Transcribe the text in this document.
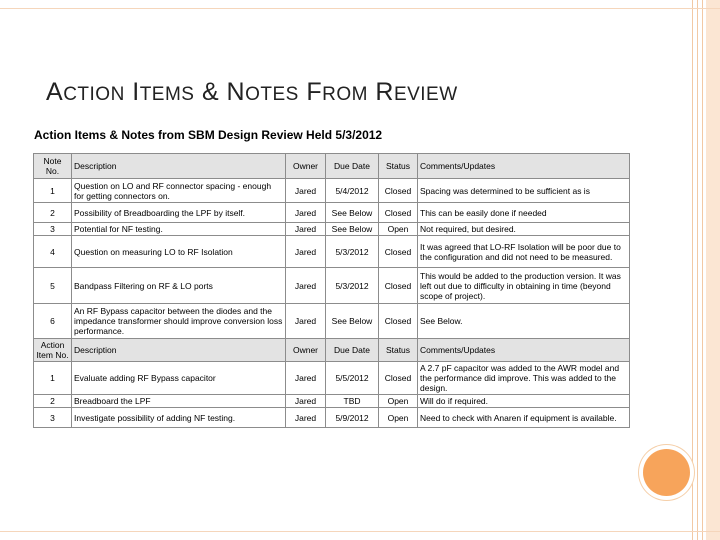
ACTION ITEMS & NOTES FROM REVIEW
Action Items & Notes from SBM Design Review Held 5/3/2012
Note No.	Description	Owner	Due Date	Status	Comments/Updates
1	Question on LO and RF connector spacing - enough for getting connectors on.	Jared	5/4/2012	Closed	Spacing was determined to be sufficient as is
2	Possibility of Breadboarding the LPF by itself.	Jared	See Below	Closed	This can be easily done if needed
3	Potential for NF testing.	Jared	See Below	Open	Not required, but desired.
4	Question on measuring LO to RF Isolation	Jared	5/3/2012	Closed	It was agreed that LO-RF Isolation will be poor due to the configuration and did not need to be measured.
5	Bandpass Filtering on RF & LO ports	Jared	5/3/2012	Closed	This would be added to the production version. It was left out due to difficulty in obtaining in time (beyond scope of project).
6	An RF Bypass capacitor between the diodes and the impedance transformer should improve conversion loss performance.	Jared	See Below	Closed	See Below.
Action Item No.	Description	Owner	Due Date	Status	Comments/Updates
1	Evaluate adding RF Bypass capacitor	Jared	5/5/2012	Closed	A 2.7 pF capacitor was added to the AWR model and the performance did improve. This was added to the design.
2	Breadboard the LPF	Jared	TBD	Open	Will do if required.
3	Investigate possibility of adding NF testing.	Jared	5/9/2012	Open	Need to check with Anaren if equipment is available.
